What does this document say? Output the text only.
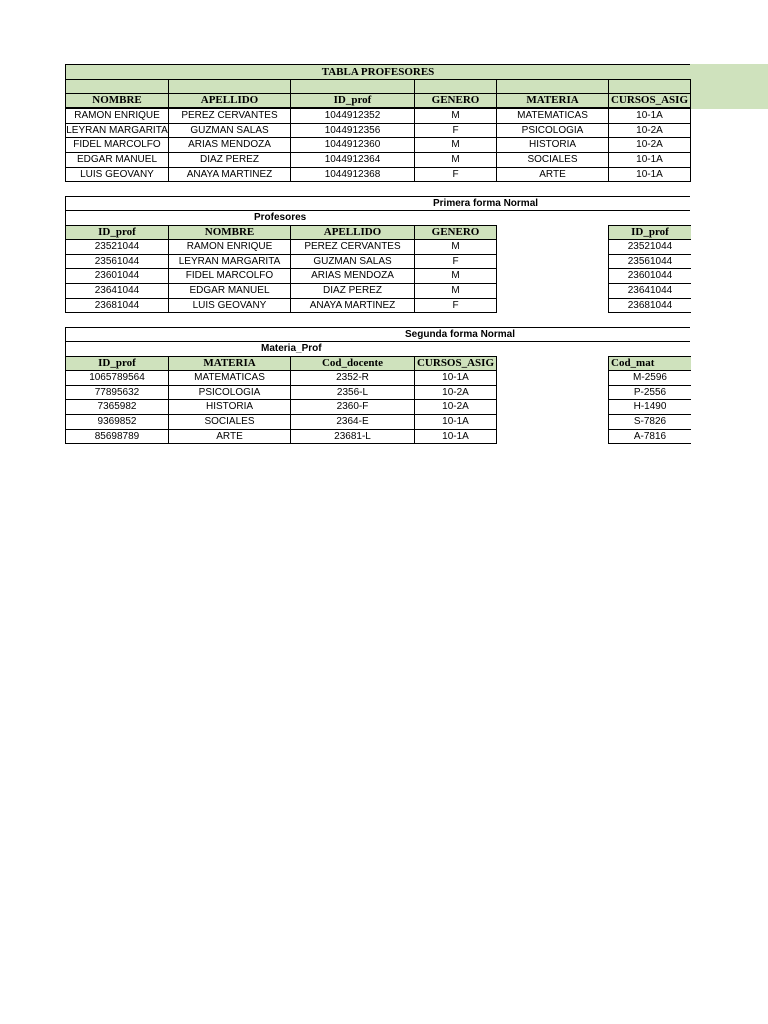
TABLA PROFESORES
NOMBRE	APELLIDO	ID_prof	GENERO	MATERIA	CURSOS_ASIG
RAMON ENRIQUE	PEREZ CERVANTES	1044912352	M	MATEMATICAS	10-1A
LEYRAN MARGARITA	GUZMAN SALAS	1044912356	F	PSICOLOGIA	10-2A
FIDEL MARCOLFO	ARIAS MENDOZA	1044912360	M	HISTORIA	10-2A
EDGAR MANUEL	DIAZ PEREZ	1044912364	M	SOCIALES	10-1A
LUIS GEOVANY	ANAYA MARTINEZ	1044912368	F	ARTE	10-1A
Primera forma Normal
Profesores
ID_prof	NOMBRE	APELLIDO	GENERO
23521044	RAMON ENRIQUE	PEREZ CERVANTES	M
23561044	LEYRAN MARGARITA	GUZMAN SALAS	F
23601044	FIDEL MARCOLFO	ARIAS MENDOZA	M
23641044	EDGAR MANUEL	DIAZ PEREZ	M
23681044	LUIS GEOVANY	ANAYA MARTINEZ	F
ID_prof
23521044
23561044
23601044
23641044
23681044
Segunda forma Normal
Materia_Prof
ID_prof	MATERIA	Cod_docente	CURSOS_ASIG
1065789564	MATEMATICAS	2352-R	10-1A
77895632	PSICOLOGIA	2356-L	10-2A
7365982	HISTORIA	2360-F	10-2A
9369852	SOCIALES	2364-E	10-1A
85698789	ARTE	23681-L	10-1A
Cod_mat
M-2596
P-2556
H-1490
S-7826
A-7816
